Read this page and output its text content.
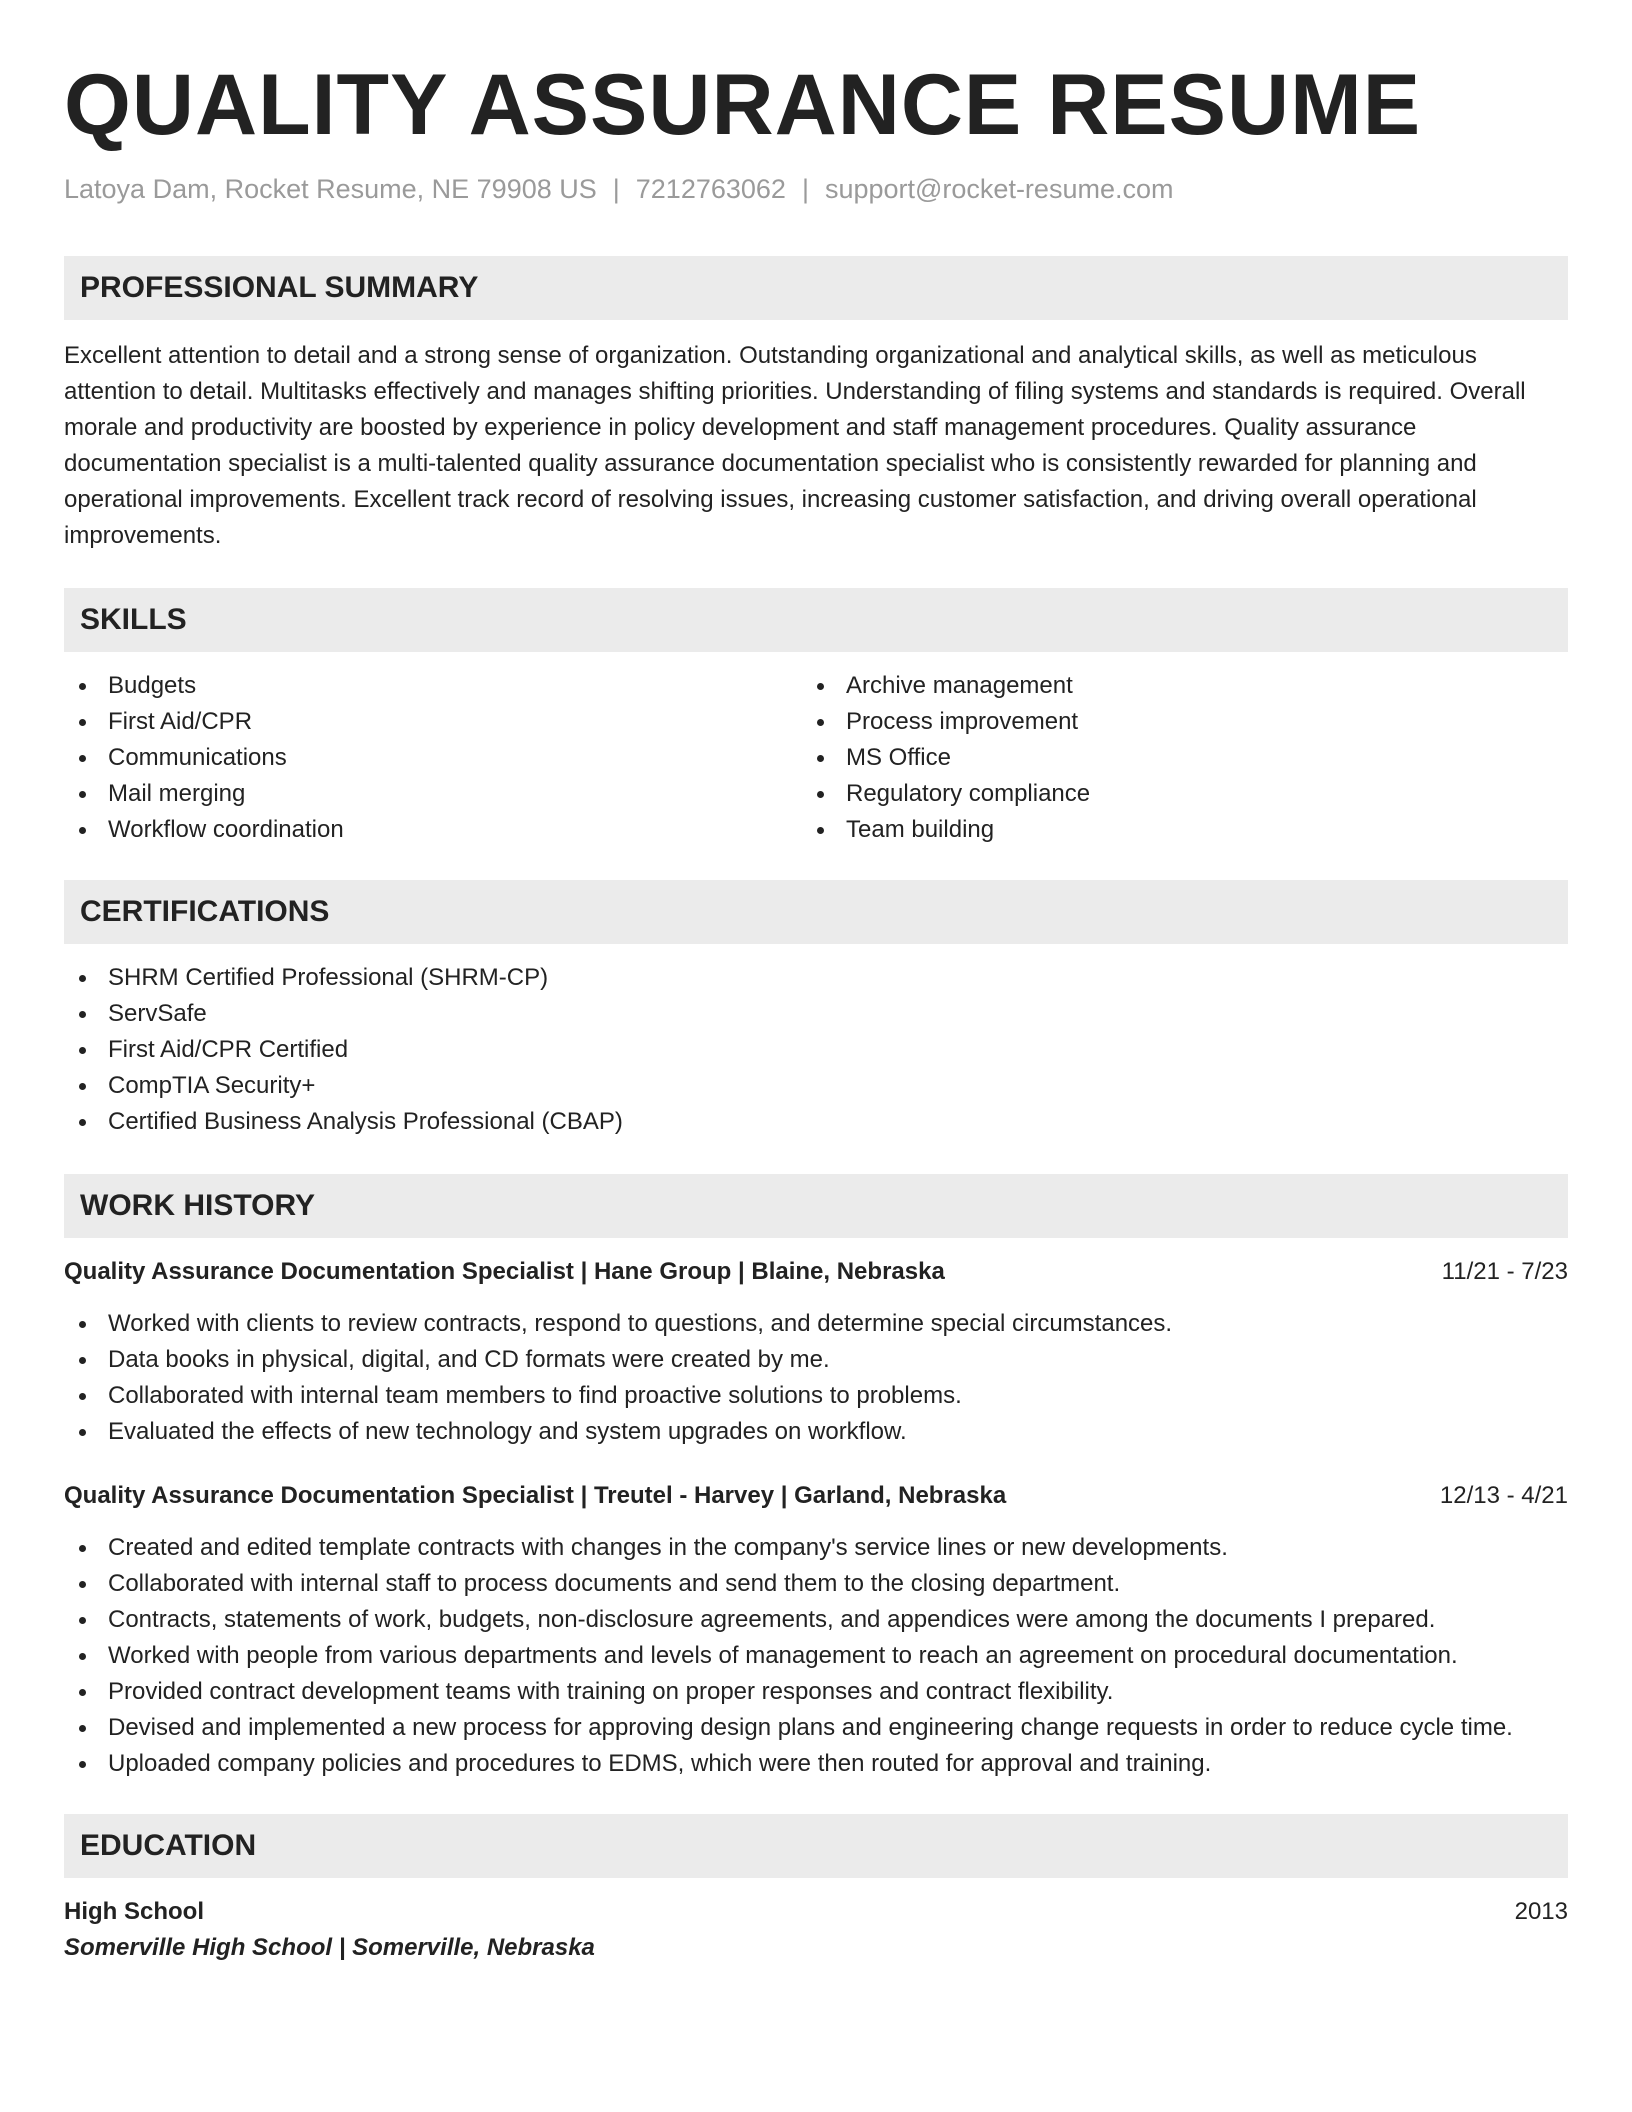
QUALITY ASSURANCE RESUME
Latoya Dam, Rocket Resume, NE 79908 US | 7212763062 | support@rocket-resume.com
PROFESSIONAL SUMMARY

Excellent attention to detail and a strong sense of organization. Outstanding organizational and analytical skills, as well as meticulous attention to detail. Multitasks effectively and manages shifting priorities. Understanding of filing systems and standards is required. Overall morale and productivity are boosted by experience in policy development and staff management procedures. Quality assurance documentation specialist is a multi-talented quality assurance documentation specialist who is consistently rewarded for planning and operational improvements. Excellent track record of resolving issues, increasing customer satisfaction, and driving overall operational improvements.

SKILLS
Budgets
First Aid/CPR
Communications
Mail merging
Workflow coordination
Archive management
Process improvement
MS Office
Regulatory compliance
Team building
CERTIFICATIONS
SHRM Certified Professional (SHRM-CP)
ServSafe
First Aid/CPR Certified
CompTIA Security+
Certified Business Analysis Professional (CBAP)
WORK HISTORY
Quality Assurance Documentation Specialist | Hane Group | Blaine, Nebraska	11/21 - 7/23
Worked with clients to review contracts, respond to questions, and determine special circumstances.
Data books in physical, digital, and CD formats were created by me.
Collaborated with internal team members to find proactive solutions to problems.
Evaluated the effects of new technology and system upgrades on workflow.
Quality Assurance Documentation Specialist | Treutel - Harvey | Garland, Nebraska	12/13 - 4/21
Created and edited template contracts with changes in the company's service lines or new developments.
Collaborated with internal staff to process documents and send them to the closing department.
Contracts, statements of work, budgets, non-disclosure agreements, and appendices were among the documents I prepared.
Worked with people from various departments and levels of management to reach an agreement on procedural documentation.
Provided contract development teams with training on proper responses and contract flexibility.
Devised and implemented a new process for approving design plans and engineering change requests in order to reduce cycle time.
Uploaded company policies and procedures to EDMS, which were then routed for approval and training.
EDUCATION
High School	2013
Somerville High School | Somerville, Nebraska
